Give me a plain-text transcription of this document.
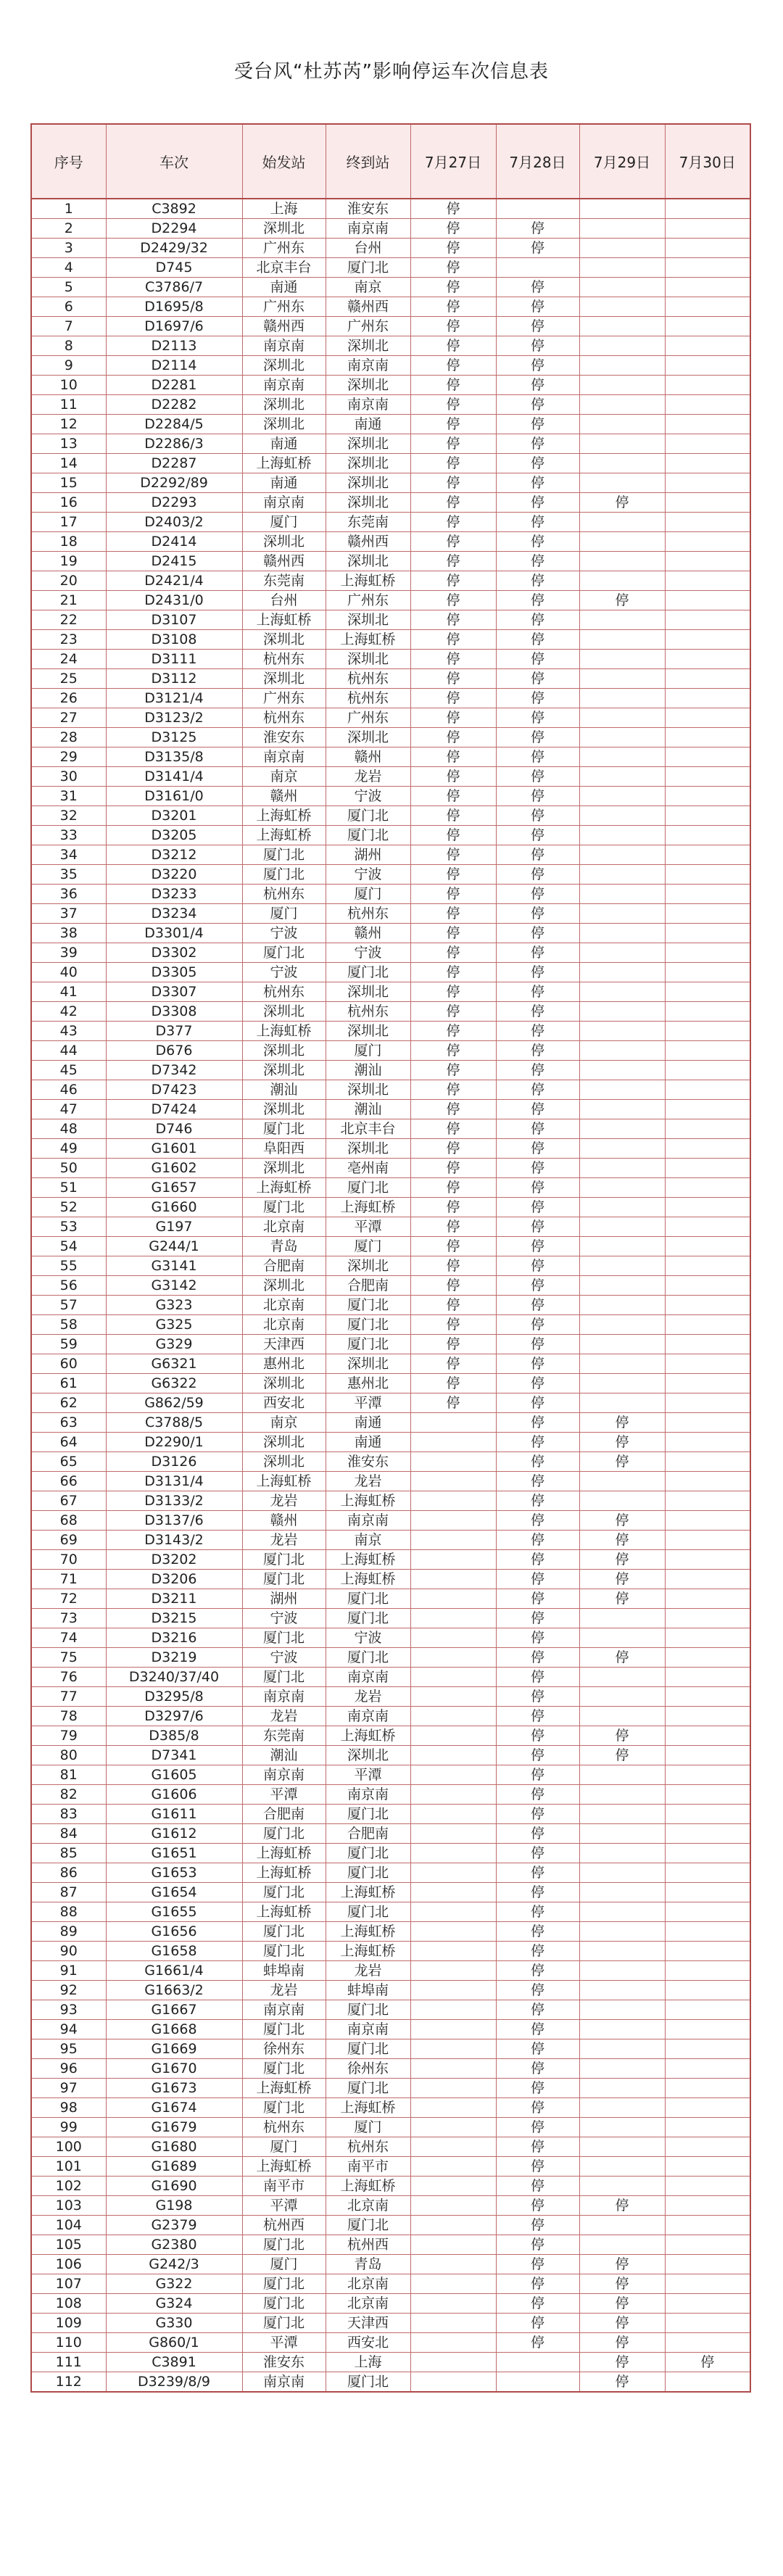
受台风“杜苏芮”影响停运车次信息表
序号	车次	始发站	终到站	7月27日	7月28日	7月29日	7月30日
1	C3892	上海	淮安东	停			
2	D2294	深圳北	南京南	停	停		
3	D2429/32	广州东	台州	停	停		
4	D745	北京丰台	厦门北	停			
5	C3786/7	南通	南京	停	停		
6	D1695/8	广州东	赣州西	停	停		
7	D1697/6	赣州西	广州东	停	停		
8	D2113	南京南	深圳北	停	停		
9	D2114	深圳北	南京南	停	停		
10	D2281	南京南	深圳北	停	停		
11	D2282	深圳北	南京南	停	停		
12	D2284/5	深圳北	南通	停	停		
13	D2286/3	南通	深圳北	停	停		
14	D2287	上海虹桥	深圳北	停	停		
15	D2292/89	南通	深圳北	停	停		
16	D2293	南京南	深圳北	停	停	停	
17	D2403/2	厦门	东莞南	停	停		
18	D2414	深圳北	赣州西	停	停		
19	D2415	赣州西	深圳北	停	停		
20	D2421/4	东莞南	上海虹桥	停	停		
21	D2431/0	台州	广州东	停	停	停	
22	D3107	上海虹桥	深圳北	停	停		
23	D3108	深圳北	上海虹桥	停	停		
24	D3111	杭州东	深圳北	停	停		
25	D3112	深圳北	杭州东	停	停		
26	D3121/4	广州东	杭州东	停	停		
27	D3123/2	杭州东	广州东	停	停		
28	D3125	淮安东	深圳北	停	停		
29	D3135/8	南京南	赣州	停	停		
30	D3141/4	南京	龙岩	停	停		
31	D3161/0	赣州	宁波	停	停		
32	D3201	上海虹桥	厦门北	停	停		
33	D3205	上海虹桥	厦门北	停	停		
34	D3212	厦门北	湖州	停	停		
35	D3220	厦门北	宁波	停	停		
36	D3233	杭州东	厦门	停	停		
37	D3234	厦门	杭州东	停	停		
38	D3301/4	宁波	赣州	停	停		
39	D3302	厦门北	宁波	停	停		
40	D3305	宁波	厦门北	停	停		
41	D3307	杭州东	深圳北	停	停		
42	D3308	深圳北	杭州东	停	停		
43	D377	上海虹桥	深圳北	停	停		
44	D676	深圳北	厦门	停	停		
45	D7342	深圳北	潮汕	停	停		
46	D7423	潮汕	深圳北	停	停		
47	D7424	深圳北	潮汕	停	停		
48	D746	厦门北	北京丰台	停	停		
49	G1601	阜阳西	深圳北	停	停		
50	G1602	深圳北	亳州南	停	停		
51	G1657	上海虹桥	厦门北	停	停		
52	G1660	厦门北	上海虹桥	停	停		
53	G197	北京南	平潭	停	停		
54	G244/1	青岛	厦门	停	停		
55	G3141	合肥南	深圳北	停	停		
56	G3142	深圳北	合肥南	停	停		
57	G323	北京南	厦门北	停	停		
58	G325	北京南	厦门北	停	停		
59	G329	天津西	厦门北	停	停		
60	G6321	惠州北	深圳北	停	停		
61	G6322	深圳北	惠州北	停	停		
62	G862/59	西安北	平潭	停	停		
63	C3788/5	南京	南通		停	停	
64	D2290/1	深圳北	南通		停	停	
65	D3126	深圳北	淮安东		停	停	
66	D3131/4	上海虹桥	龙岩		停		
67	D3133/2	龙岩	上海虹桥		停		
68	D3137/6	赣州	南京南		停	停	
69	D3143/2	龙岩	南京		停	停	
70	D3202	厦门北	上海虹桥		停	停	
71	D3206	厦门北	上海虹桥		停	停	
72	D3211	湖州	厦门北		停	停	
73	D3215	宁波	厦门北		停		
74	D3216	厦门北	宁波		停		
75	D3219	宁波	厦门北		停	停	
76	D3240/37/40	厦门北	南京南		停		
77	D3295/8	南京南	龙岩		停		
78	D3297/6	龙岩	南京南		停		
79	D385/8	东莞南	上海虹桥		停	停	
80	D7341	潮汕	深圳北		停	停	
81	G1605	南京南	平潭		停		
82	G1606	平潭	南京南		停		
83	G1611	合肥南	厦门北		停		
84	G1612	厦门北	合肥南		停		
85	G1651	上海虹桥	厦门北		停		
86	G1653	上海虹桥	厦门北		停		
87	G1654	厦门北	上海虹桥		停		
88	G1655	上海虹桥	厦门北		停		
89	G1656	厦门北	上海虹桥		停		
90	G1658	厦门北	上海虹桥		停		
91	G1661/4	蚌埠南	龙岩		停		
92	G1663/2	龙岩	蚌埠南		停		
93	G1667	南京南	厦门北		停		
94	G1668	厦门北	南京南		停		
95	G1669	徐州东	厦门北		停		
96	G1670	厦门北	徐州东		停		
97	G1673	上海虹桥	厦门北		停		
98	G1674	厦门北	上海虹桥		停		
99	G1679	杭州东	厦门		停		
100	G1680	厦门	杭州东		停		
101	G1689	上海虹桥	南平市		停		
102	G1690	南平市	上海虹桥		停		
103	G198	平潭	北京南		停	停	
104	G2379	杭州西	厦门北		停		
105	G2380	厦门北	杭州西		停		
106	G242/3	厦门	青岛		停	停	
107	G322	厦门北	北京南		停	停	
108	G324	厦门北	北京南		停	停	
109	G330	厦门北	天津西		停	停	
110	G860/1	平潭	西安北		停	停	
111	C3891	淮安东	上海			停	停
112	D3239/8/9	南京南	厦门北			停	
